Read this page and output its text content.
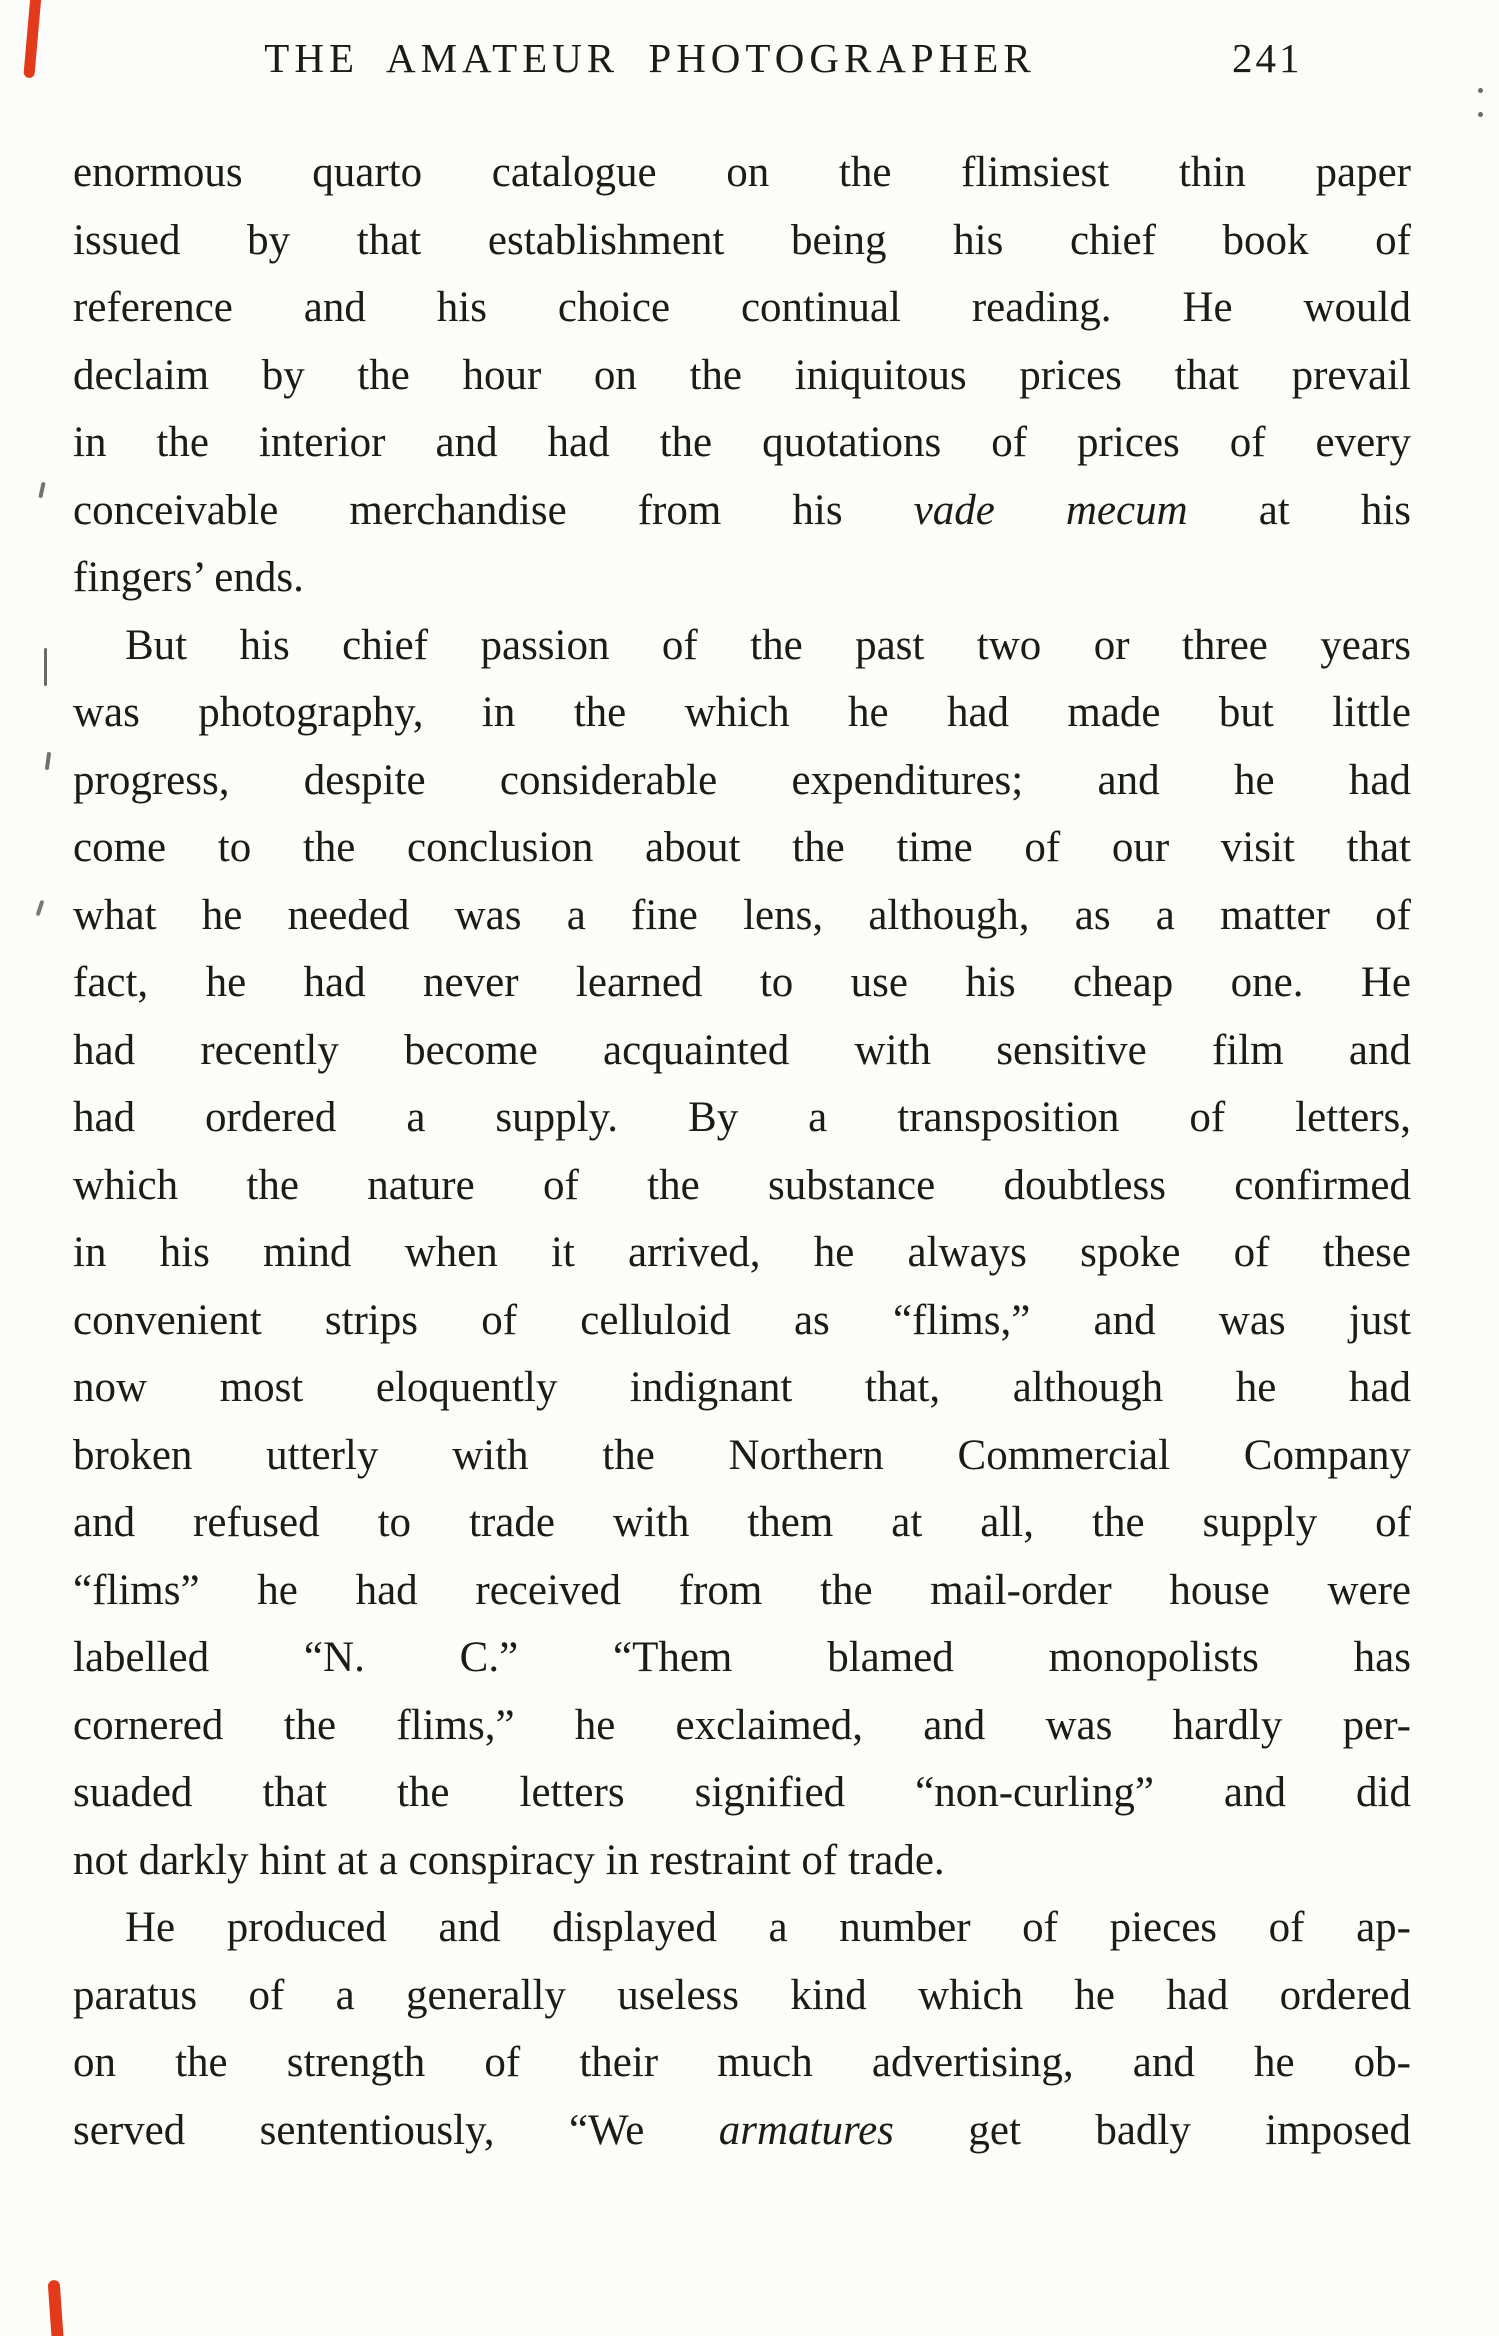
THE AMATEUR PHOTOGRAPHER	241
enormous quarto catalogue on the flimsiest thin paper
issued by that establishment being his chief book of
reference and his choice continual reading. He would
declaim by the hour on the iniquitous prices that prevail
in the interior and had the quotations of prices of every
conceivable merchandise from his vade mecum at his
fingers’ ends.
But his chief passion of the past two or three years
was photography, in the which he had made but little
progress, despite considerable expenditures; and he had
come to the conclusion about the time of our visit that
what he needed was a fine lens, although, as a matter of
fact, he had never learned to use his cheap one. He
had recently become acquainted with sensitive film and
had ordered a supply. By a transposition of letters,
which the nature of the substance doubtless confirmed
in his mind when it arrived, he always spoke of these
convenient strips of celluloid as “flims,” and was just
now most eloquently indignant that, although he had
broken utterly with the Northern Commercial Company
and refused to trade with them at all, the supply of
“flims” he had received from the mail-order house were
labelled “N. C.” “Them blamed monopolists has
cornered the flims,” he exclaimed, and was hardly per-
suaded that the letters signified “non-curling” and did
not darkly hint at a conspiracy in restraint of trade.
He produced and displayed a number of pieces of ap-
paratus of a generally useless kind which he had ordered
on the strength of their much advertising, and he ob-
served sententiously, “We armatures get badly imposed
